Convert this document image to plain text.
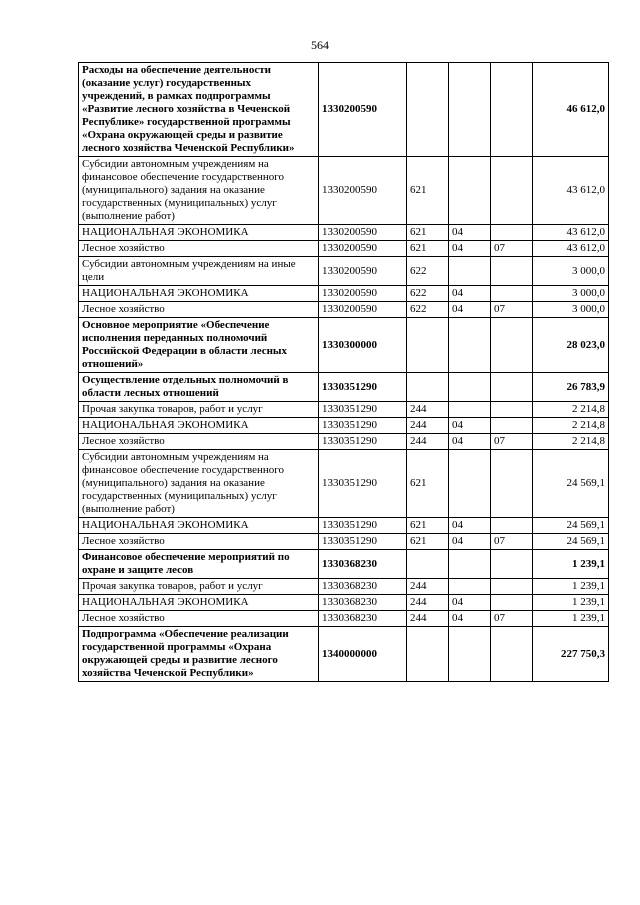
564
Расходы на обеспечение деятельности (оказание услуг) государственных учреждений, в рамках подпрограммы «Развитие лесного хозяйства в Чеченской Республике» государственной программы «Охрана окружающей среды и развитие лесного хозяйства Чеченской Республики»	1330200590				46 612,0
Субсидии автономным учреждениям на финансовое обеспечение государственного (муниципального) задания на оказание государственных (муниципальных) услуг (выполнение работ)	1330200590	621			43 612,0
НАЦИОНАЛЬНАЯ ЭКОНОМИКА	1330200590	621	04		43 612,0
Лесное хозяйство	1330200590	621	04	07	43 612,0
Субсидии автономным учреждениям на иные цели	1330200590	622			3 000,0
НАЦИОНАЛЬНАЯ ЭКОНОМИКА	1330200590	622	04		3 000,0
Лесное хозяйство	1330200590	622	04	07	3 000,0
Основное мероприятие «Обеспечение исполнения переданных полномочий Российской Федерации в области лесных отношений»	1330300000				28 023,0
Осуществление отдельных полномочий в области лесных отношений	1330351290				26 783,9
Прочая закупка товаров, работ и услуг	1330351290	244			2 214,8
НАЦИОНАЛЬНАЯ ЭКОНОМИКА	1330351290	244	04		2 214,8
Лесное хозяйство	1330351290	244	04	07	2 214,8
Субсидии автономным учреждениям на финансовое обеспечение государственного (муниципального) задания на оказание государственных (муниципальных) услуг (выполнение работ)	1330351290	621			24 569,1
НАЦИОНАЛЬНАЯ ЭКОНОМИКА	1330351290	621	04		24 569,1
Лесное хозяйство	1330351290	621	04	07	24 569,1
Финансовое обеспечение мероприятий по охране и защите лесов	1330368230				1 239,1
Прочая закупка товаров, работ и услуг	1330368230	244			1 239,1
НАЦИОНАЛЬНАЯ ЭКОНОМИКА	1330368230	244	04		1 239,1
Лесное хозяйство	1330368230	244	04	07	1 239,1
Подпрограмма «Обеспечение реализации государственной программы «Охрана окружающей среды и развитие лесного хозяйства Чеченской Республики»	1340000000				227 750,3
